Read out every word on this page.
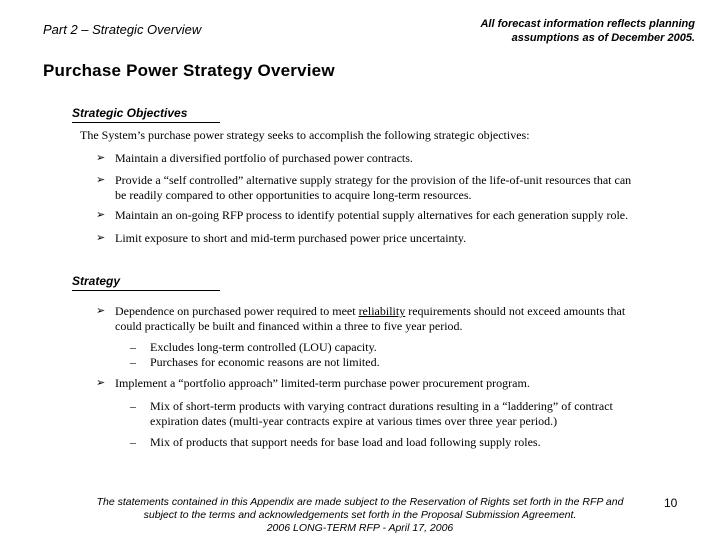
Part 2 – Strategic Overview	All forecast information reflects planning
assumptions as of December 2005.
Purchase Power Strategy Overview
Strategic Objectives
The System’s purchase power strategy seeks to accomplish the following strategic objectives:
➢ Maintain a diversified portfolio of purchased power contracts.
➢ Provide a “self controlled” alternative supply strategy for the provision of the life-of-unit resources that can be readily compared to other opportunities to acquire long-term resources.
➢ Maintain an on-going RFP process to identify potential supply alternatives for each generation supply role.
➢ Limit exposure to short and mid-term purchased power price uncertainty.
Strategy
➢ Dependence on purchased power required to meet reliability requirements should not exceed amounts that could practically be built and financed within a three to five year period.
– Excludes long-term controlled (LOU) capacity.
– Purchases for economic reasons are not limited.
➢ Implement a “portfolio approach” limited-term purchase power procurement program.
– Mix of short-term products with varying contract durations resulting in a “laddering” of contract expiration dates (multi-year contracts expire at various times over three year period.)
– Mix of products that support needs for base load and load following supply roles.
The statements contained in this Appendix are made subject to the Reservation of Rights set forth in the RFP and
subject to the terms and acknowledgements set forth in the Proposal Submission Agreement.
2006 LONG-TERM RFP - April 17, 2006
10
